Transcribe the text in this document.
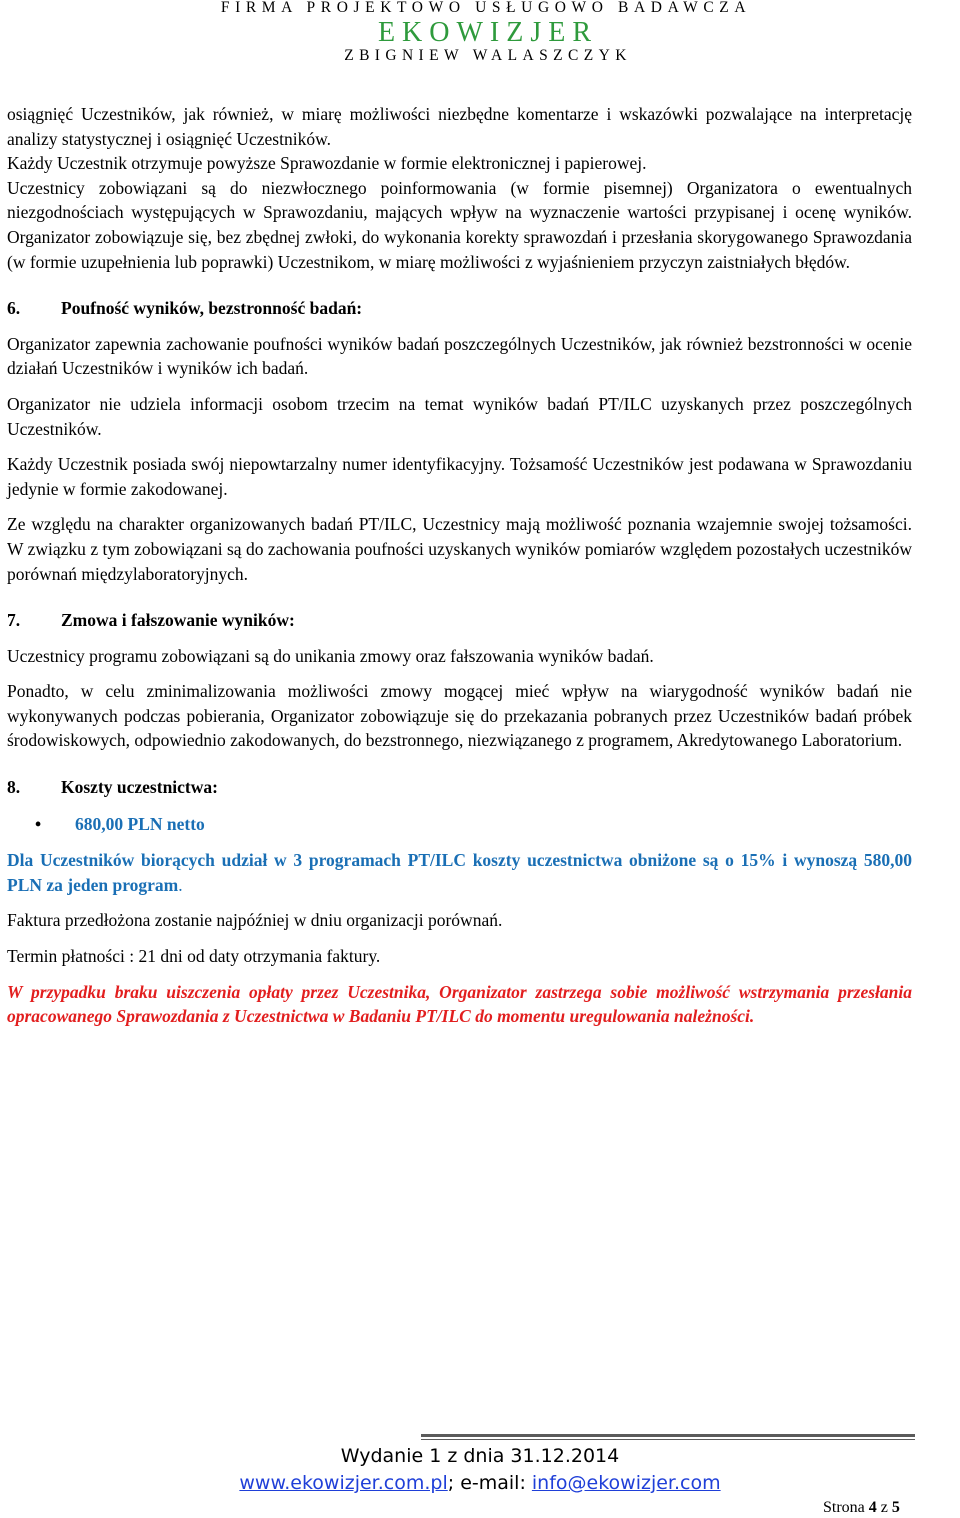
FIRMA PROJEKTOWO USŁUGOWO BADAWCZA
EKOWIZJER
ZBIGNIEW WALASZCZYK

osiągnięć Uczestników, jak również, w miarę możliwości niezbędne komentarze i wskazówki pozwalające na interpretację analizy statystycznej i osiągnięć Uczestników.

Każdy Uczestnik otrzymuje powyższe Sprawozdanie w formie elektronicznej i papierowej.

Uczestnicy zobowiązani są do niezwłocznego poinformowania (w formie pisemnej) Organizatora o ewentualnych niezgodnościach występujących w Sprawozdaniu, mających wpływ na wyznaczenie wartości przypisanej i ocenę wyników. Organizator zobowiązuje się, bez zbędnej zwłoki, do wykonania korekty sprawozdań i przesłania skorygowanego Sprawozdania (w formie uzupełnienia lub poprawki) Uczestnikom, w miarę możliwości z wyjaśnieniem przyczyn zaistniałych błędów.

6. Poufność wyników, bezstronność badań:

Organizator zapewnia zachowanie poufności wyników badań poszczególnych Uczestników, jak również bezstronności w ocenie działań Uczestników i wyników ich badań.

Organizator nie udziela informacji osobom trzecim na temat wyników badań PT/ILC uzyskanych przez poszczególnych Uczestników.

Każdy Uczestnik posiada swój niepowtarzalny numer identyfikacyjny. Tożsamość Uczestników jest podawana w Sprawozdaniu jedynie w formie zakodowanej.

Ze względu na charakter organizowanych badań PT/ILC, Uczestnicy mają możliwość poznania wzajemnie swojej tożsamości. W związku z tym zobowiązani są do zachowania poufności uzyskanych wyników pomiarów względem pozostałych uczestników porównań międzylaboratoryjnych.

7. Zmowa i fałszowanie wyników:

Uczestnicy programu zobowiązani są do unikania zmowy oraz fałszowania wyników badań.

Ponadto, w celu zminimalizowania możliwości zmowy mogącej mieć wpływ na wiarygodność wyników badań nie wykonywanych podczas pobierania, Organizator zobowiązuje się do przekazania pobranych przez Uczestników badań próbek środowiskowych, odpowiednio zakodowanych, do bezstronnego, niezwiązanego z programem, Akredytowanego Laboratorium.

8. Koszty uczestnictwa:

• 680,00 PLN netto

Dla Uczestników biorących udział w 3 programach PT/ILC koszty uczestnictwa obniżone są o 15% i wynoszą 580,00 PLN za jeden program.

Faktura przedłożona zostanie najpóźniej w dniu organizacji porównań.

Termin płatności : 21 dni od daty otrzymania faktury.

W przypadku braku uiszczenia opłaty przez Uczestnika, Organizator zastrzega sobie możliwość wstrzymania przesłania opracowanego Sprawozdania z Uczestnictwa w Badaniu PT/ILC do momentu uregulowania należności.

Wydanie 1 z dnia 31.12.2014
www.ekowizjer.com.pl; e-mail: info@ekowizjer.com
Strona 4 z 5
